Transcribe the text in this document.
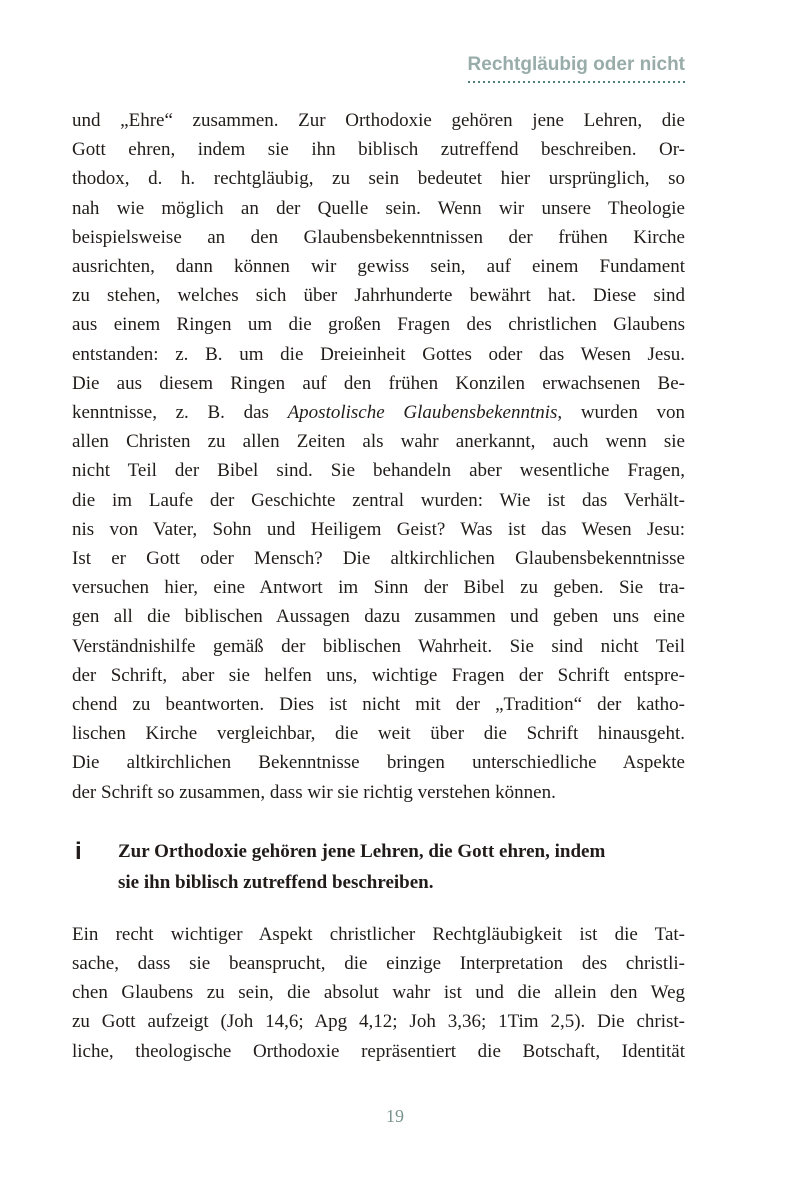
Rechtgläubig oder nicht
und „Ehre“ zusammen. Zur Orthodoxie gehören jene Lehren, die
Gott ehren, indem sie ihn biblisch zutreffend beschreiben. Or-
thodox, d. h. rechtgläubig, zu sein bedeutet hier ursprünglich, so
nah wie möglich an der Quelle sein. Wenn wir unsere Theologie
beispielsweise an den Glaubensbekenntnissen der frühen Kirche
ausrichten, dann können wir gewiss sein, auf einem Fundament
zu stehen, welches sich über Jahrhunderte bewährt hat. Diese sind
aus einem Ringen um die großen Fragen des christlichen Glaubens
entstanden: z. B. um die Dreieinheit Gottes oder das Wesen Jesu.
Die aus diesem Ringen auf den frühen Konzilen erwachsenen Be-
kenntnisse, z. B. das Apostolische Glaubensbekenntnis, wurden von
allen Christen zu allen Zeiten als wahr anerkannt, auch wenn sie
nicht Teil der Bibel sind. Sie behandeln aber wesentliche Fragen,
die im Laufe der Geschichte zentral wurden: Wie ist das Verhält-
nis von Vater, Sohn und Heiligem Geist? Was ist das Wesen Jesu:
Ist er Gott oder Mensch? Die altkirchlichen Glaubensbekenntnisse
versuchen hier, eine Antwort im Sinn der Bibel zu geben. Sie tra-
gen all die biblischen Aussagen dazu zusammen und geben uns eine
Verständnishilfe gemäß der biblischen Wahrheit. Sie sind nicht Teil
der Schrift, aber sie helfen uns, wichtige Fragen der Schrift entspre-
chend zu beantworten. Dies ist nicht mit der „Tradition“ der katho-
lischen Kirche vergleichbar, die weit über die Schrift hinausgeht.
Die altkirchlichen Bekenntnisse bringen unterschiedliche Aspekte
der Schrift so zusammen, dass wir sie richtig verstehen können.
i	Zur Orthodoxie gehören jene Lehren, die Gott ehren, indem
sie ihn biblisch zutreffend beschreiben.
Ein recht wichtiger Aspekt christlicher Rechtgläubigkeit ist die Tat-
sache, dass sie beansprucht, die einzige Interpretation des christli-
chen Glaubens zu sein, die absolut wahr ist und die allein den Weg
zu Gott aufzeigt (Joh 14,6; Apg 4,12; Joh 3,36; 1Tim 2,5). Die christ-
liche, theologische Orthodoxie repräsentiert die Botschaft, Identität
19
